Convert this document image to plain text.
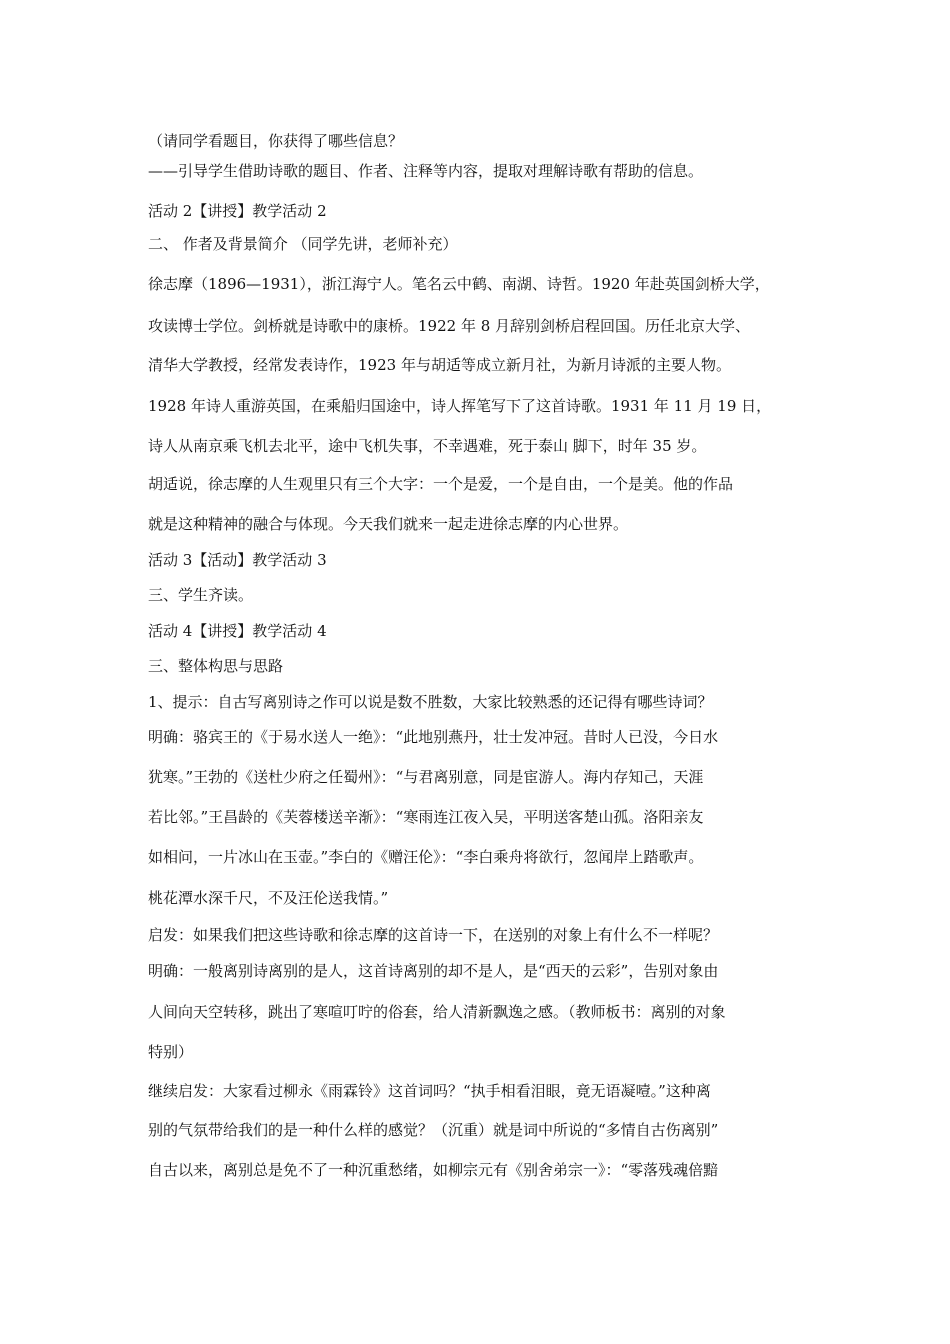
（请同学看题目，你获得了哪些信息？
——引导学生借助诗歌的题目、作者、注释等内容，提取对理解诗歌有帮助的信息。
活动 2【讲授】教学活动 2
二、 作者及背景简介 （同学先讲，老师补充）
徐志摩（1896—1931），浙江海宁人。笔名云中鹤、南湖、诗哲。1920 年赴英国剑桥大学，
攻读博士学位。剑桥就是诗歌中的康桥。1922 年 8 月辞别剑桥启程回国。历任北京大学、
清华大学教授，经常发表诗作，1923 年与胡适等成立新月社，为新月诗派的主要人物。
1928 年诗人重游英国，在乘船归国途中，诗人挥笔写下了这首诗歌。1931 年 11 月 19 日，
诗人从南京乘飞机去北平，途中飞机失事，不幸遇难，死于泰山 脚下，时年 35 岁。
胡适说，徐志摩的人生观里只有三个大字：一个是爱，一个是自由，一个是美。他的作品
就是这种精神的融合与体现。今天我们就来一起走进徐志摩的内心世界。
活动 3【活动】教学活动 3
三、学生齐读。
活动 4【讲授】教学活动 4
三、整体构思与思路
1、提示：自古写离别诗之作可以说是数不胜数，大家比较熟悉的还记得有哪些诗词？
明确：骆宾王的《于易水送人一绝》：“此地别燕丹，壮士发冲冠。昔时人已没，今日水
犹寒。”王勃的《送杜少府之任蜀州》：“与君离别意，同是宦游人。海内存知己，天涯
若比邻。”王昌龄的《芙蓉楼送辛渐》：“寒雨连江夜入吴，平明送客楚山孤。洛阳亲友
如相问，一片冰山在玉壶。”李白的《赠汪伦》：“李白乘舟将欲行，忽闻岸上踏歌声。
桃花潭水深千尺，不及汪伦送我情。”
启发：如果我们把这些诗歌和徐志摩的这首诗一下，在送别的对象上有什么不一样呢？
明确：一般离别诗离别的是人，这首诗离别的却不是人，是“西天的云彩”，告别对象由
人间向天空转移，跳出了寒喧叮咛的俗套，给人清新飘逸之感。（教师板书：离别的对象
特别）
继续启发：大家看过柳永《雨霖铃》这首词吗？“执手相看泪眼，竟无语凝噎。”这种离
别的气氛带给我们的是一种什么样的感觉？（沉重）就是词中所说的“多情自古伤离别”
自古以来，离别总是免不了一种沉重愁绪，如柳宗元有《别舍弟宗一》：“零落残魂倍黯
